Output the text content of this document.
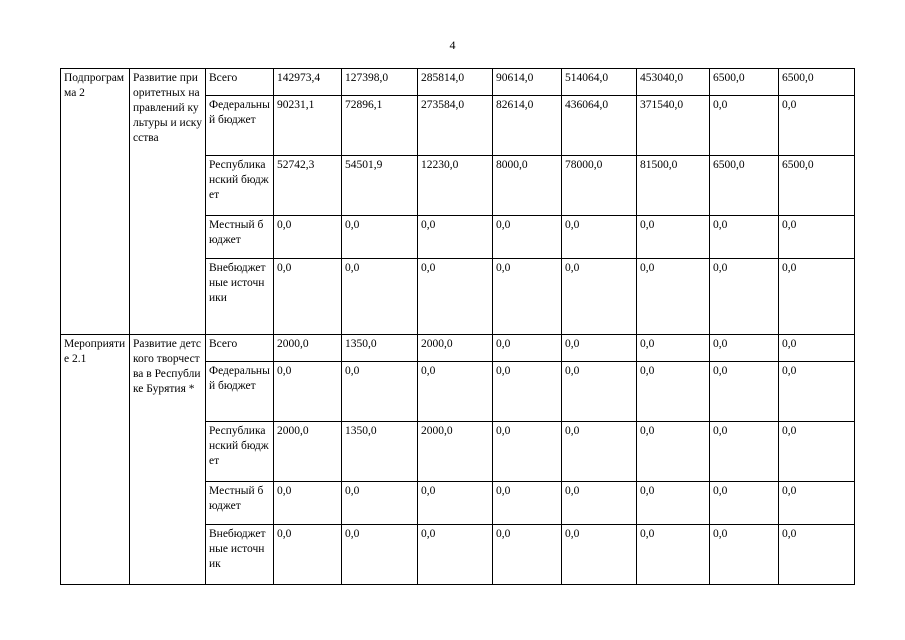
4
Подпрограмма 2	Развитие приоритетных направлений культуры и искусства	Всего	142973,4	127398,0	285814,0	90614,0	514064,0	453040,0	6500,0	6500,0
		Федеральный бюджет	90231,1	72896,1	273584,0	82614,0	436064,0	371540,0	0,0	0,0
		Республиканский бюджет	52742,3	54501,9	12230,0	8000,0	78000,0	81500,0	6500,0	6500,0
		Местный бюджет	0,0	0,0	0,0	0,0	0,0	0,0	0,0	0,0
		Внебюджетные источники	0,0	0,0	0,0	0,0	0,0	0,0	0,0	0,0
Мероприятие 2.1	Развитие детского творчества в Республике Бурятия *	Всего	2000,0	1350,0	2000,0	0,0	0,0	0,0	0,0	0,0
		Федеральный бюджет	0,0	0,0	0,0	0,0	0,0	0,0	0,0	0,0
		Республиканский бюджет	2000,0	1350,0	2000,0	0,0	0,0	0,0	0,0	0,0
		Местный бюджет	0,0	0,0	0,0	0,0	0,0	0,0	0,0	0,0
		Внебюджетные источник	0,0	0,0	0,0	0,0	0,0	0,0	0,0	0,0
